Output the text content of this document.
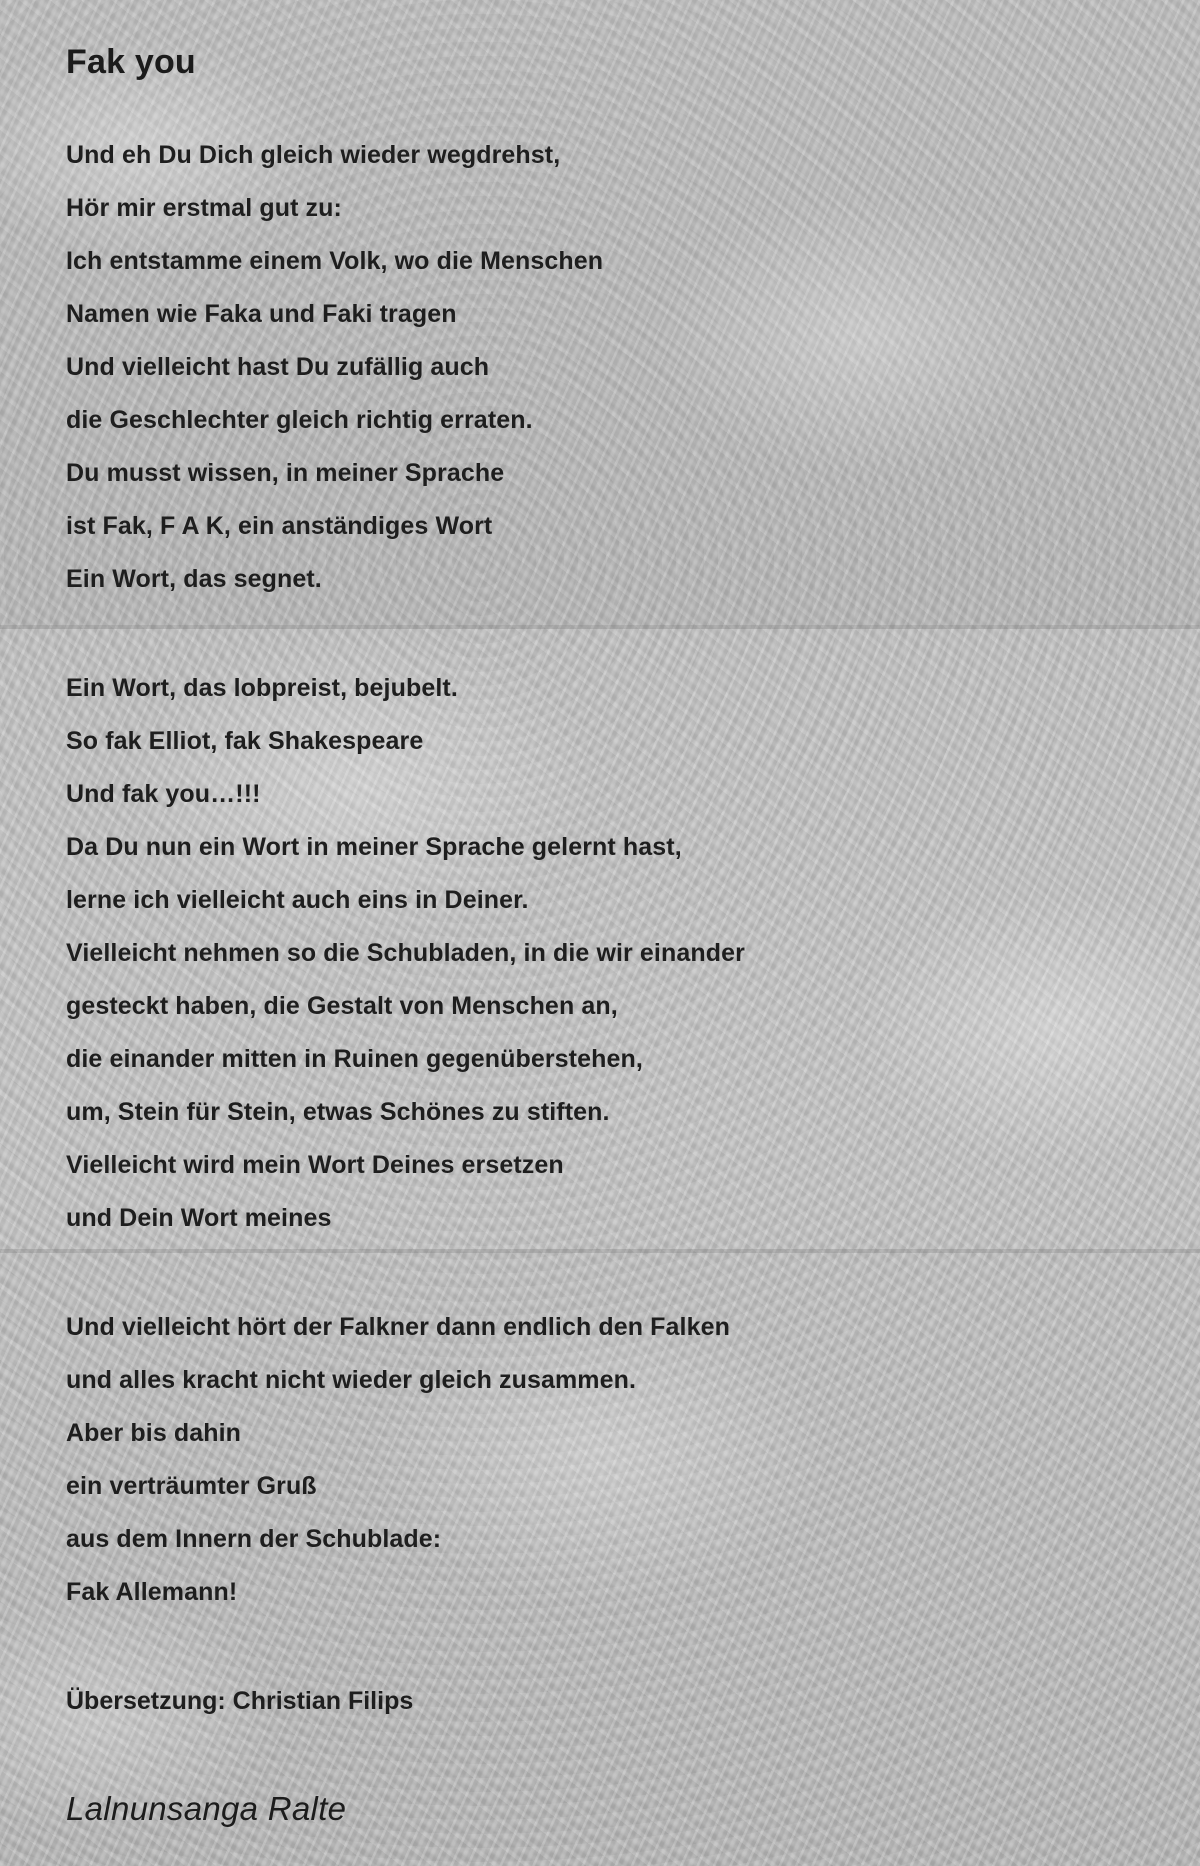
Fak you
Und eh Du Dich gleich wieder wegdrehst,
Hör mir erstmal gut zu:
Ich entstamme einem Volk, wo die Menschen
Namen wie Faka und Faki tragen
Und vielleicht hast Du zufällig auch
die Geschlechter gleich richtig erraten.
Du musst wissen, in meiner Sprache
ist Fak, F A K, ein anständiges Wort
Ein Wort, das segnet.
Ein Wort, das lobpreist, bejubelt.
So fak Elliot, fak Shakespeare
Und fak you…!!!
Da Du nun ein Wort in meiner Sprache gelernt hast,
lerne ich vielleicht auch eins in Deiner.
Vielleicht nehmen so die Schubladen, in die wir einander
gesteckt haben, die Gestalt von Menschen an,
die einander mitten in Ruinen gegenüberstehen,
um, Stein für Stein, etwas Schönes zu stiften.
Vielleicht wird mein Wort Deines ersetzen
und Dein Wort meines
Und vielleicht hört der Falkner dann endlich den Falken
und alles kracht nicht wieder gleich zusammen.
Aber bis dahin
ein verträumter Gruß
aus dem Innern der Schublade:
Fak Allemann!
Übersetzung: Christian Filips
Lalnunsanga Ralte
